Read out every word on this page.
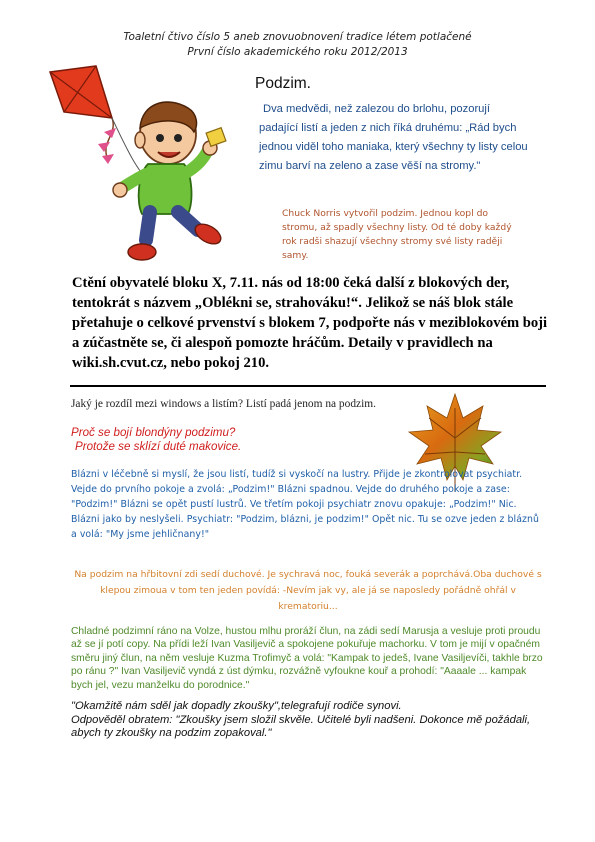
Toaletní čtivo číslo 5 aneb znovuobnovení tradice létem potlačené
První číslo akademického roku 2012/2013
Podzim.
Dva medvědi, než zalezou do brlohu, pozorují padající listí a jeden z nich říká druhému: „Rád bych jednou viděl toho maniaka, který všechny ty listy celou zimu barví na zeleno a zase věší na stromy."
Chuck Norris vytvořil podzim. Jednou kopl do stromu, až spadly všechny listy. Od té doby každý rok radši shazují všechny stromy své listy raději samy.
Ctění obyvatelé bloku X, 7.11. nás od 18:00 čeká další z blokových der, tentokrát s názvem „Oblékni se, strahováku!“. Jelikož se náš blok stále přetahuje o celkové prvenství s blokem 7, podpořte nás v meziblokovém boji a zúčastněte se, či alespoň pomozte hráčům. Detaily v pravidlech na wiki.sh.cvut.cz, nebo pokoj 210.
Jaký je rozdíl mezi windows a listím? Listí padá jenom na podzim.
Proč se bojí blondýny podzimu?
Protože se sklízí duté makovice.
Blázni v léčebně si myslí, že jsou listí, tudíž si vyskočí na lustry. Přijde je zkontrolovat psychiatr. Vejde do prvního pokoje a zvolá: „Podzim!" Blázni spadnou. Vejde do druhého pokoje a zase: "Podzim!" Blázni se opět pustí lustrů. Ve třetím pokoji psychiatr znovu opakuje: „Podzim!" Nic. Blázni jako by neslyšeli. Psychiatr: "Podzim, blázni, je podzim!" Opět nic. Tu se ozve jeden z bláznů a volá: "My jsme jehličnany!"
Na podzim na hřbitovní zdi sedí duchové. Je sychravá noc, fouká severák a poprchává.Oba duchové s klepou zimoua v tom ten jeden povídá: -Nevím jak vy, ale já se naposledy pořádně ohřál v krematoriu...
Chladné podzimní ráno na Volze, hustou mlhu proráží člun, na zádi sedí Marusja a vesluje proti proudu až se jí potí copy. Na přídi leží Ivan Vasiljevič a spokojene pokuřuje machorku. V tom je mijí v opačném směru jiný člun, na něm vesluje Kuzma Trofimyč a volá: "Kampak to jedeš, Ivane Vasiljevíči, takhle brzo po ránu ?" Ivan Vasiljevič vyndá z úst dýmku, rozvážně vyfoukne kouř a prohodí: "Aaaale ... kampak bych jel, vezu manželku do porodnice."
"Okamžitě nám sděl jak dopadly zkoušky",telegrafují rodiče synovi.
Odpověděl obratem: "Zkoušky jsem složil skvěle. Učitelé byli nadšeni. Dokonce mě požádali, abych ty zkoušky na podzim zopakoval."
